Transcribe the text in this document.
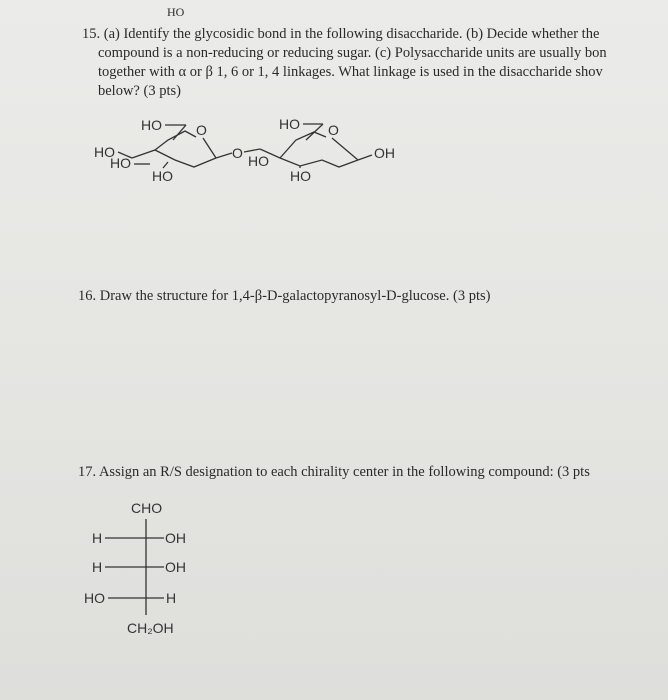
HO
15. (a) Identify the glycosidic bond in the following disaccharide. (b) Decide whether the
compound is a non-reducing or reducing sugar. (c) Polysaccharide units are usually bon
together with α or β 1, 6 or 1, 4 linkages. What linkage is used in the disaccharide shov
below? (3 pts)
HO O
HO
HO
HO
O
HO O
HO
HO
OH
CHO
H	OH
H	OH
HO	H
CH₂OH
16. Draw the structure for 1,4-β-D-galactopyranosyl-D-glucose. (3 pts)
17. Assign an R/S designation to each chirality center in the following compound: (3 pts
